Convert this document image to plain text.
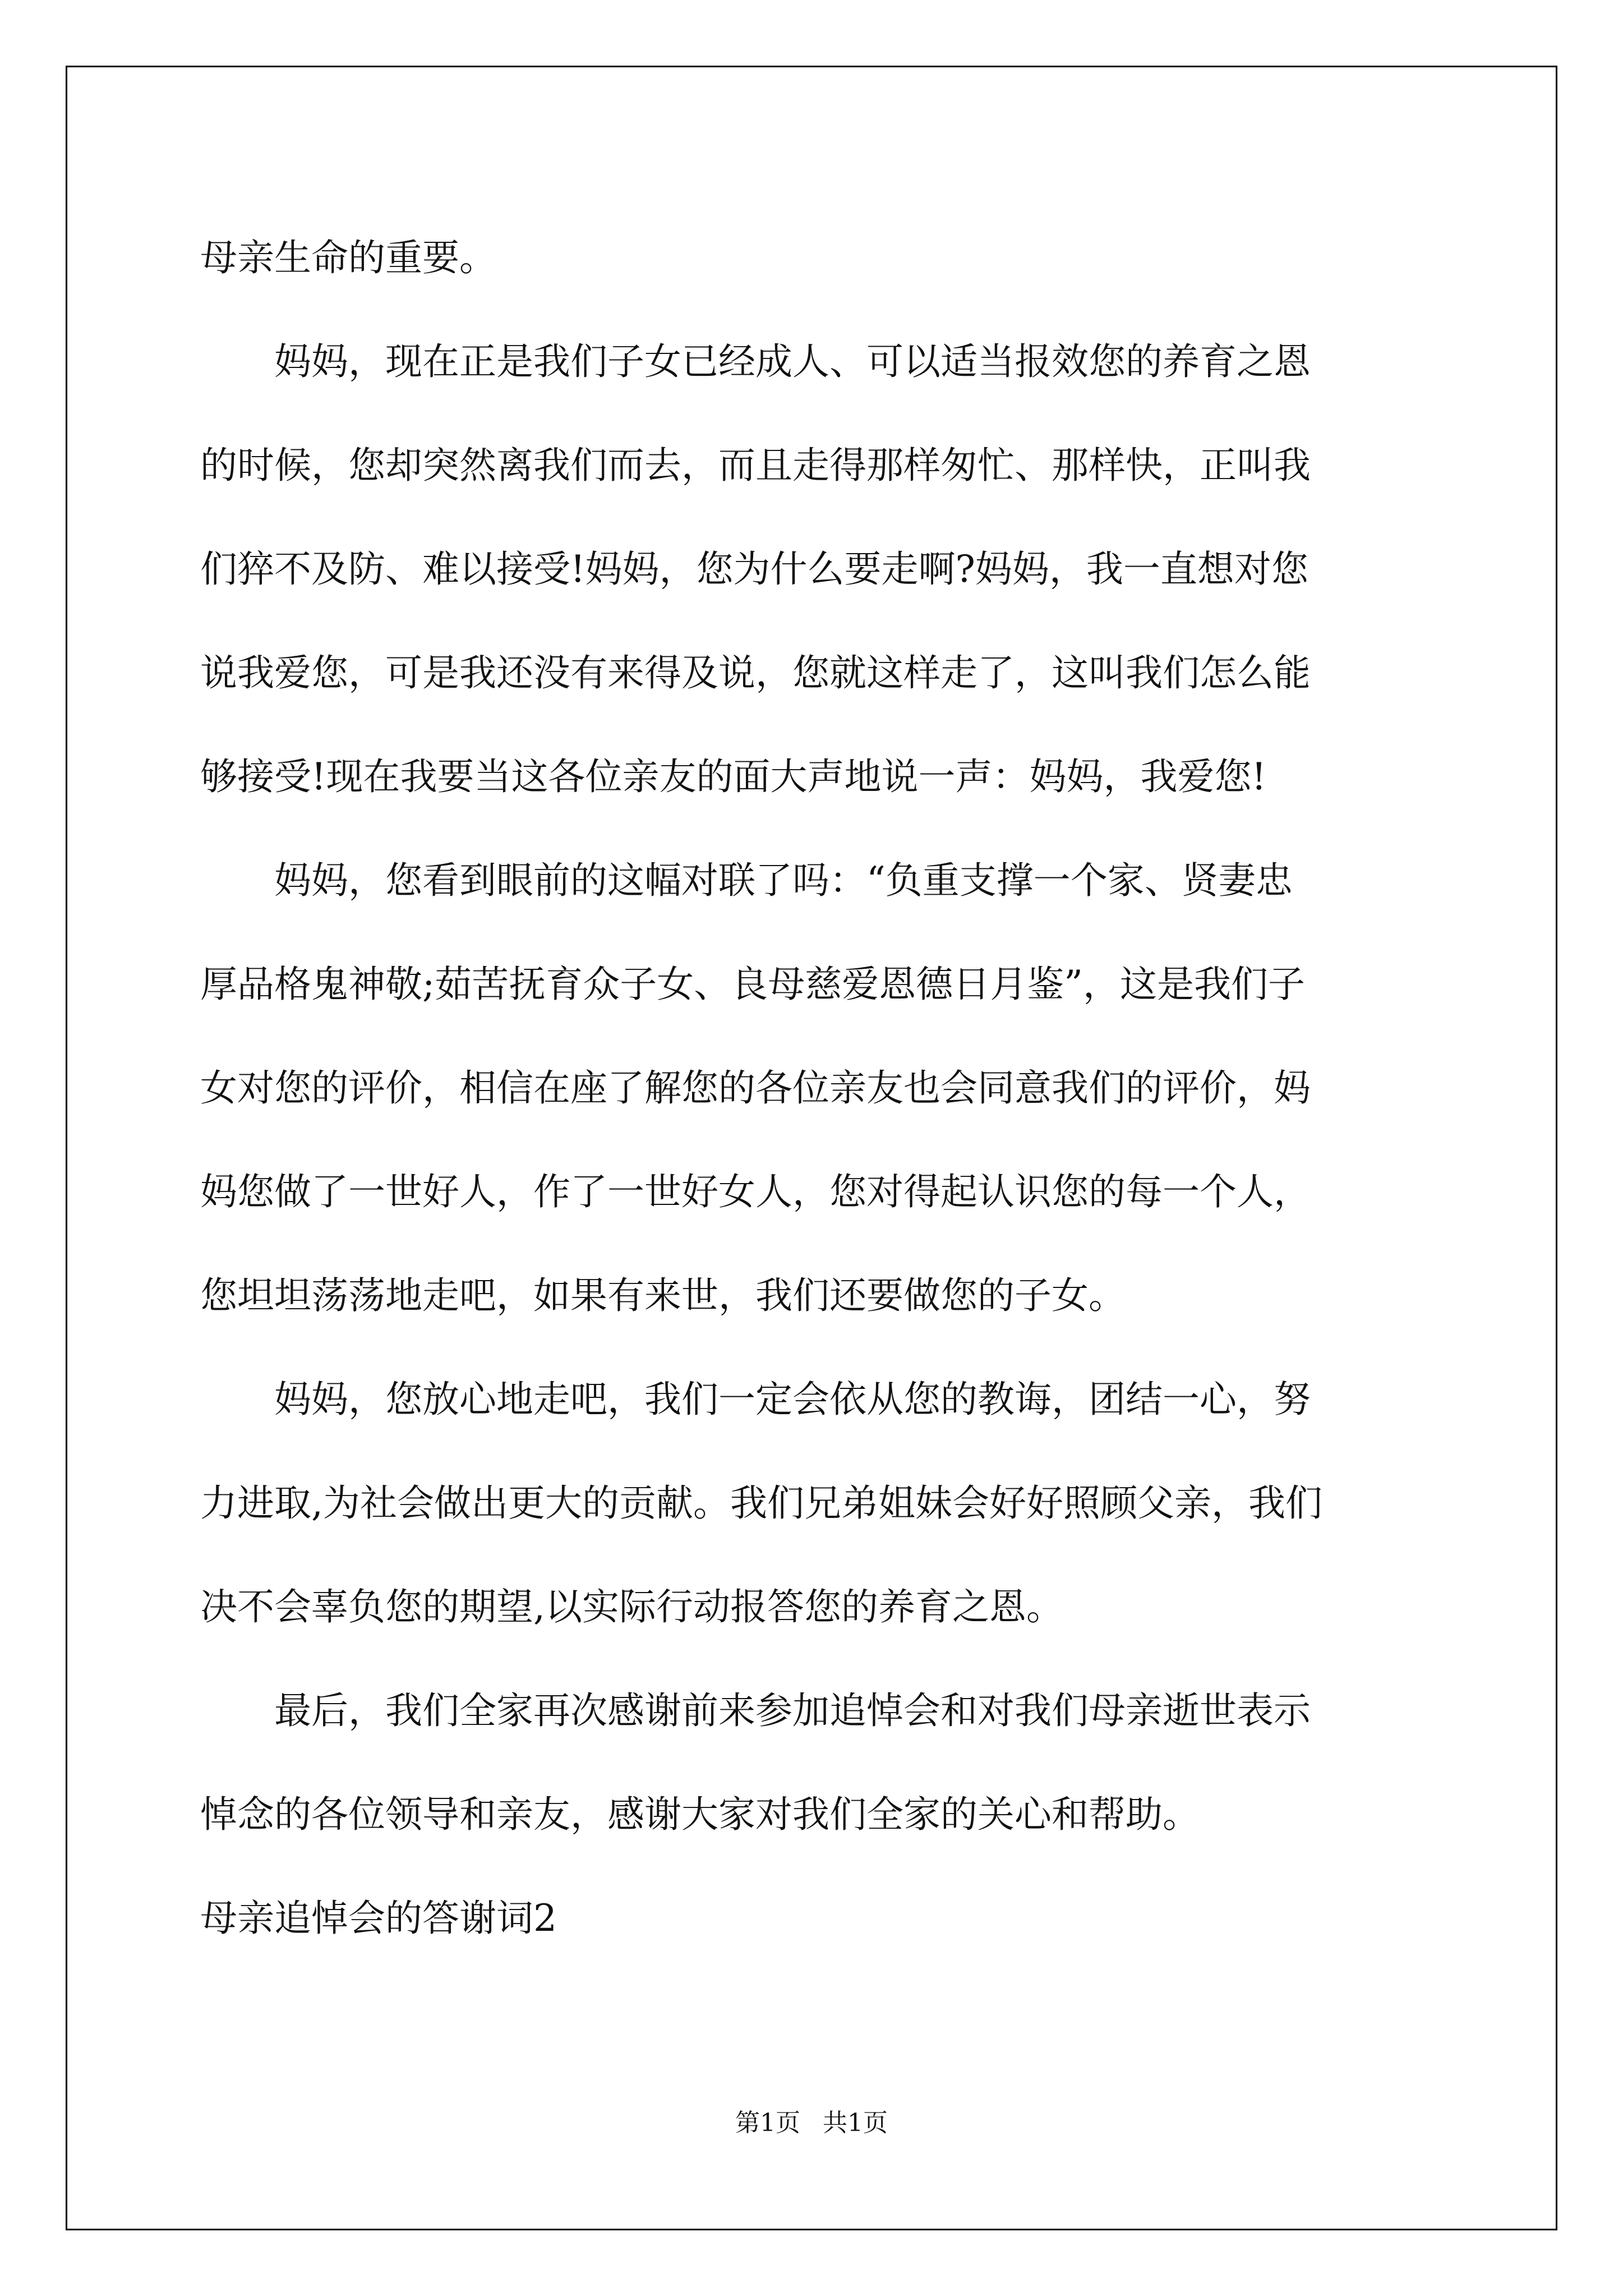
母亲生命的重要。
　　妈妈，现在正是我们子女已经成人、可以适当报效您的养育之恩
的时候，您却突然离我们而去，而且走得那样匆忙、那样快，正叫我
们猝不及防、难以接受!妈妈，您为什么要走啊?妈妈，我一直想对您
说我爱您，可是我还没有来得及说，您就这样走了，这叫我们怎么能
够接受!现在我要当这各位亲友的面大声地说一声：妈妈，我爱您!
　　妈妈，您看到眼前的这幅对联了吗：“负重支撑一个家、贤妻忠
厚品格鬼神敬;茹苦抚育众子女、良母慈爱恩德日月鉴”，这是我们子
女对您的评价，相信在座了解您的各位亲友也会同意我们的评价，妈
妈您做了一世好人，作了一世好女人，您对得起认识您的每一个人，
您坦坦荡荡地走吧，如果有来世，我们还要做您的子女。
　　妈妈，您放心地走吧，我们一定会依从您的教诲，团结一心，努
力进取,为社会做出更大的贡献。我们兄弟姐妹会好好照顾父亲，我们
决不会辜负您的期望,以实际行动报答您的养育之恩。
　　最后，我们全家再次感谢前来参加追悼会和对我们母亲逝世表示
悼念的各位领导和亲友，感谢大家对我们全家的关心和帮助。
母亲追悼会的答谢词2
第1页 共1页
